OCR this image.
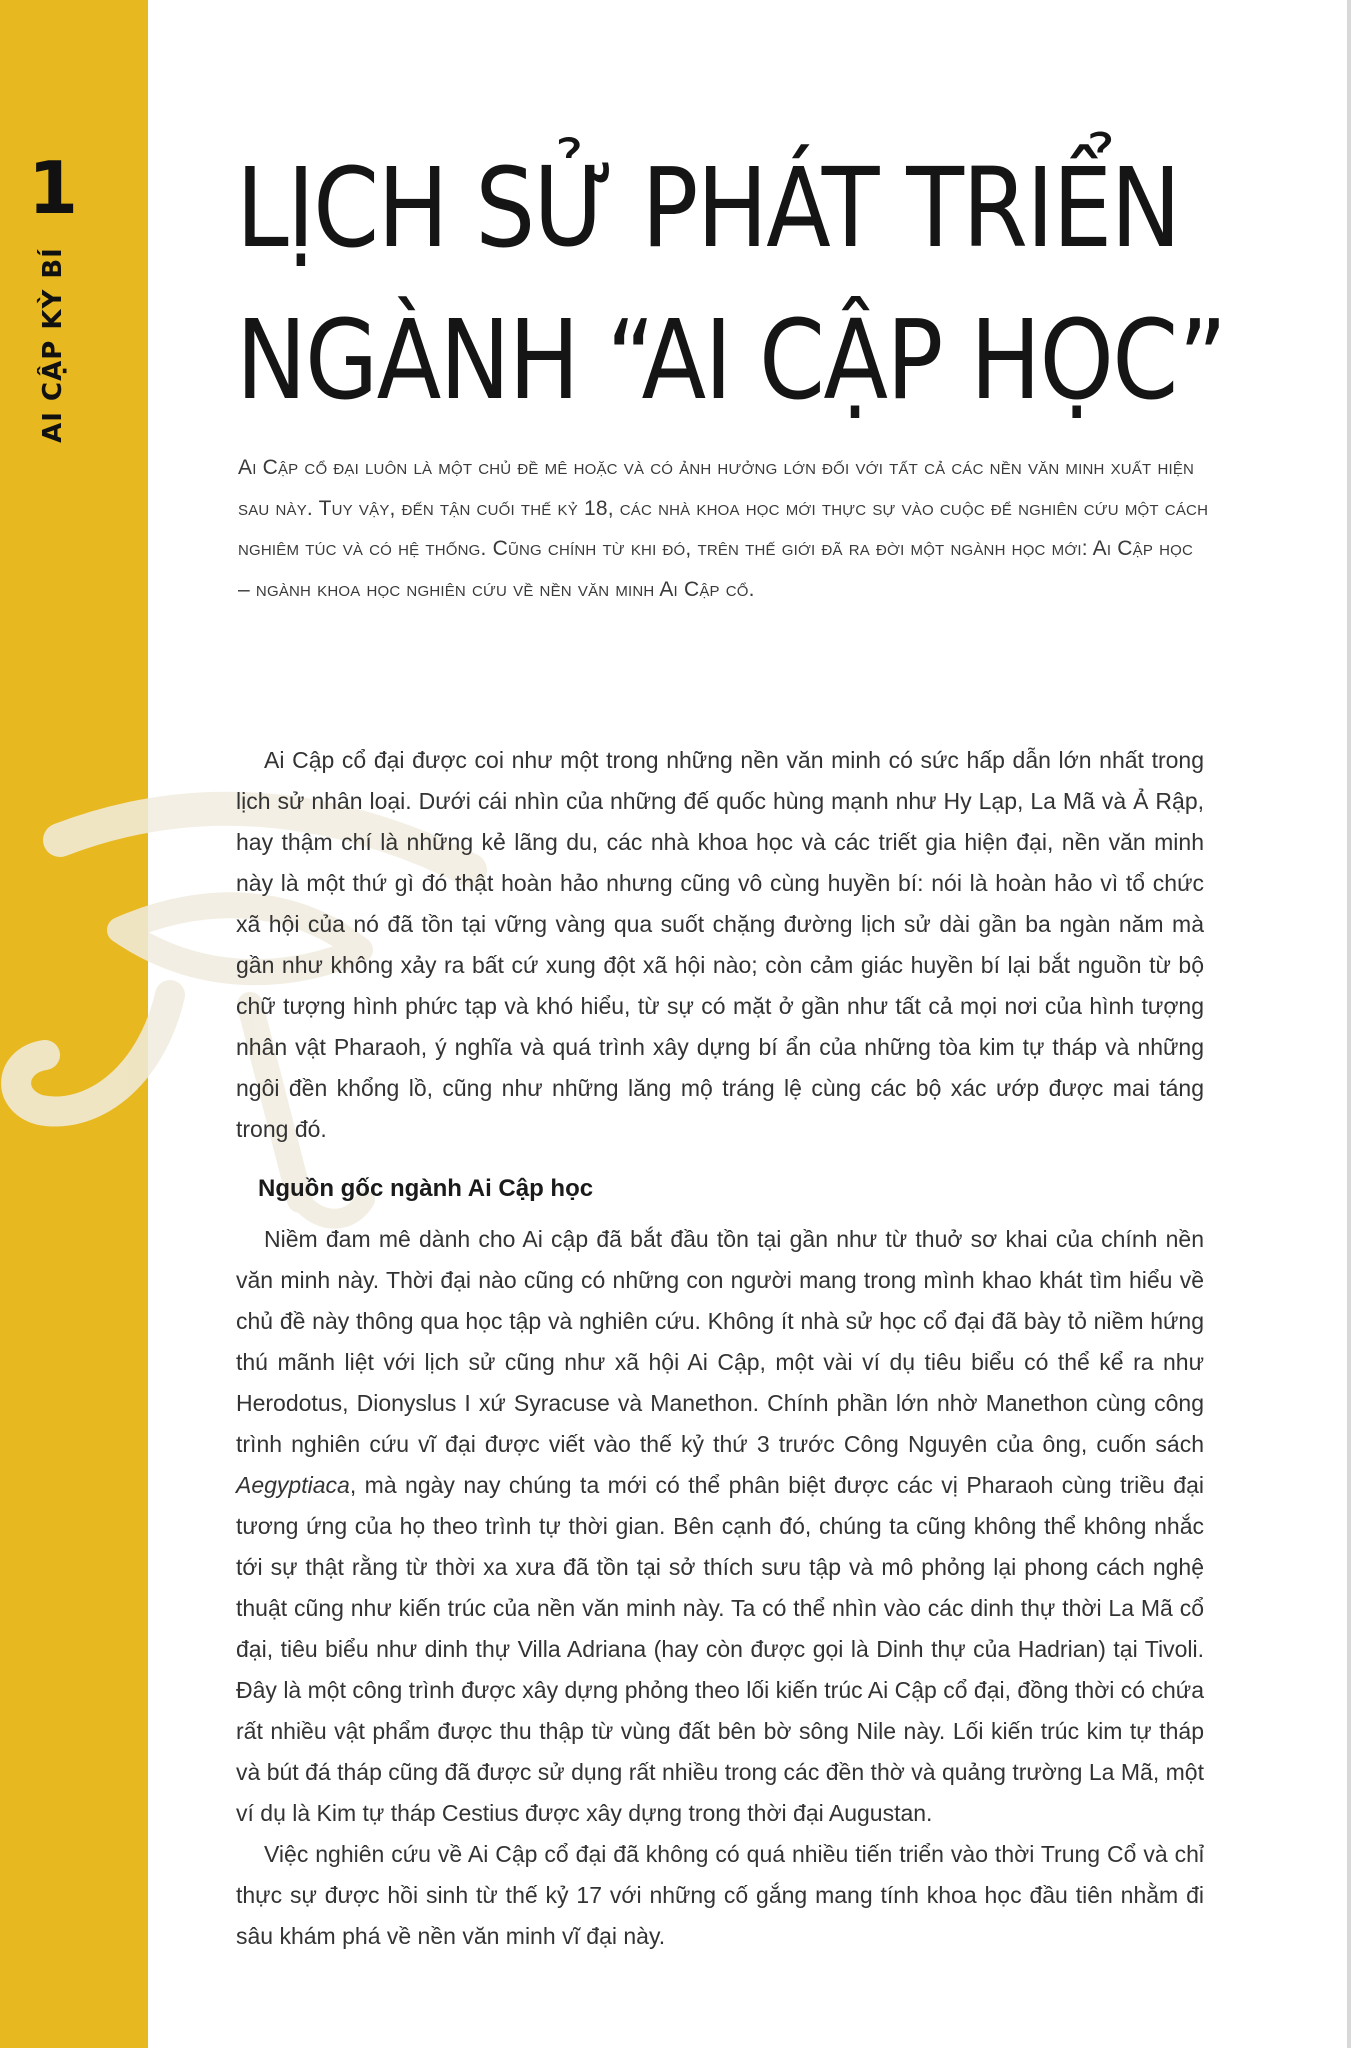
1
AI CẬP KỲ BÍ
LỊCH SỬ PHÁT TRIỂN
NGÀNH “AI CẬP HỌC”

Ai Cập cổ đại luôn là một chủ đề mê hoặc và có ảnh hưởng lớn đối với tất cả các nền văn minh xuất hiện sau này. Tuy vậy, đến tận cuối thế kỷ 18, các nhà khoa học mới thực sự vào cuộc để nghiên cứu một cách nghiêm túc và có hệ thống. Cũng chính từ khi đó, trên thế giới đã ra đời một ngành học mới: Ai Cập học – ngành khoa học nghiên cứu về nền văn minh Ai Cập cổ.

Ai Cập cổ đại được coi như một trong những nền văn minh có sức hấp dẫn lớn nhất trong lịch sử nhân loại. Dưới cái nhìn của những đế quốc hùng mạnh như Hy Lạp, La Mã và Ả Rập, hay thậm chí là những kẻ lãng du, các nhà khoa học và các triết gia hiện đại, nền văn minh này là một thứ gì đó thật hoàn hảo nhưng cũng vô cùng huyền bí: nói là hoàn hảo vì tổ chức xã hội của nó đã tồn tại vững vàng qua suốt chặng đường lịch sử dài gần ba ngàn năm mà gần như không xảy ra bất cứ xung đột xã hội nào; còn cảm giác huyền bí lại bắt nguồn từ bộ chữ tượng hình phức tạp và khó hiểu, từ sự có mặt ở gần như tất cả mọi nơi của hình tượng nhân vật Pharaoh, ý nghĩa và quá trình xây dựng bí ẩn của những tòa kim tự tháp và những ngôi đền khổng lồ, cũng như những lăng mộ tráng lệ cùng các bộ xác ướp được mai táng trong đó.

Nguồn gốc ngành Ai Cập học

Niềm đam mê dành cho Ai cập đã bắt đầu tồn tại gần như từ thuở sơ khai của chính nền văn minh này. Thời đại nào cũng có những con người mang trong mình khao khát tìm hiểu về chủ đề này thông qua học tập và nghiên cứu. Không ít nhà sử học cổ đại đã bày tỏ niềm hứng thú mãnh liệt với lịch sử cũng như xã hội Ai Cập, một vài ví dụ tiêu biểu có thể kể ra như Herodotus, Dionyslus I xứ Syracuse và Manethon. Chính phần lớn nhờ Manethon cùng công trình nghiên cứu vĩ đại được viết vào thế kỷ thứ 3 trước Công Nguyên của ông, cuốn sách Aegyptiaca, mà ngày nay chúng ta mới có thể phân biệt được các vị Pharaoh cùng triều đại tương ứng của họ theo trình tự thời gian. Bên cạnh đó, chúng ta cũng không thể không nhắc tới sự thật rằng từ thời xa xưa đã tồn tại sở thích sưu tập và mô phỏng lại phong cách nghệ thuật cũng như kiến trúc của nền văn minh này. Ta có thể nhìn vào các dinh thự thời La Mã cổ đại, tiêu biểu như dinh thự Villa Adriana (hay còn được gọi là Dinh thự của Hadrian) tại Tivoli. Đây là một công trình được xây dựng phỏng theo lối kiến trúc Ai Cập cổ đại, đồng thời có chứa rất nhiều vật phẩm được thu thập từ vùng đất bên bờ sông Nile này. Lối kiến trúc kim tự tháp và bút đá tháp cũng đã được sử dụng rất nhiều trong các đền thờ và quảng trường La Mã, một ví dụ là Kim tự tháp Cestius được xây dựng trong thời đại Augustan.

Việc nghiên cứu về Ai Cập cổ đại đã không có quá nhiều tiến triển vào thời Trung Cổ và chỉ thực sự được hồi sinh từ thế kỷ 17 với những cố gắng mang tính khoa học đầu tiên nhằm đi sâu khám phá về nền văn minh vĩ đại này.
